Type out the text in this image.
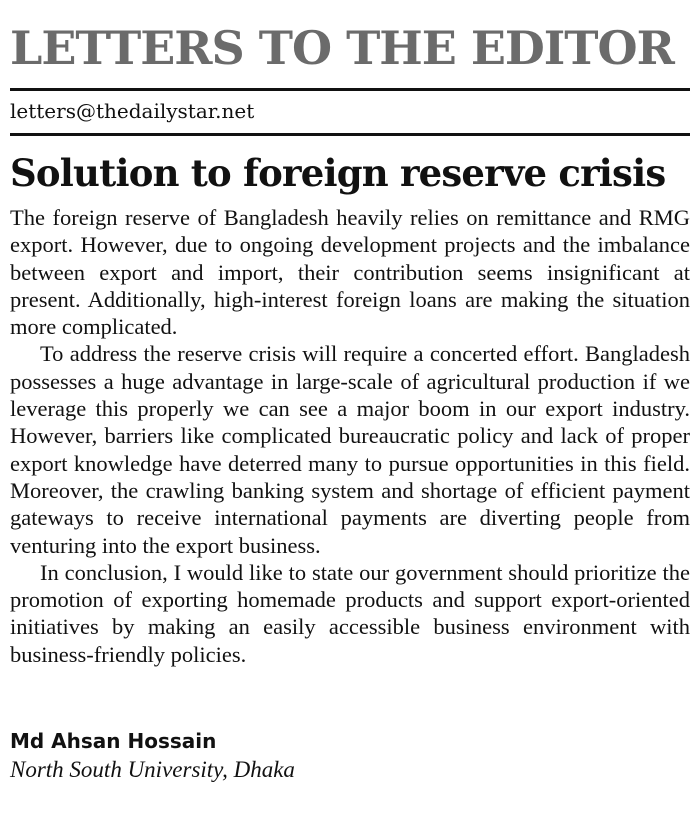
LETTERS TO THE EDITOR
letters@thedailystar.net
Solution to foreign reserve crisis

The foreign reserve of Bangladesh heavily relies on remittance and RMG export. However, due to ongoing development projects and the imbalance between export and import, their contribution seems insignificant at present. Additionally, high-interest foreign loans are making the situation more complicated.

To address the reserve crisis will require a concerted effort. Bangladesh possesses a huge advantage in large-scale of agricultural production if we leverage this properly we can see a major boom in our export industry. However, barriers like complicated bureaucratic policy and lack of proper export knowledge have deterred many to pursue opportunities in this field. Moreover, the crawling banking system and shortage of efficient payment gateways to receive international payments are diverting people from venturing into the export business.

In conclusion, I would like to state our government should prioritize the promotion of exporting homemade products and support export-oriented initiatives by making an easily accessible business environment with business-friendly policies.

Md Ahsan Hossain
North South University, Dhaka
